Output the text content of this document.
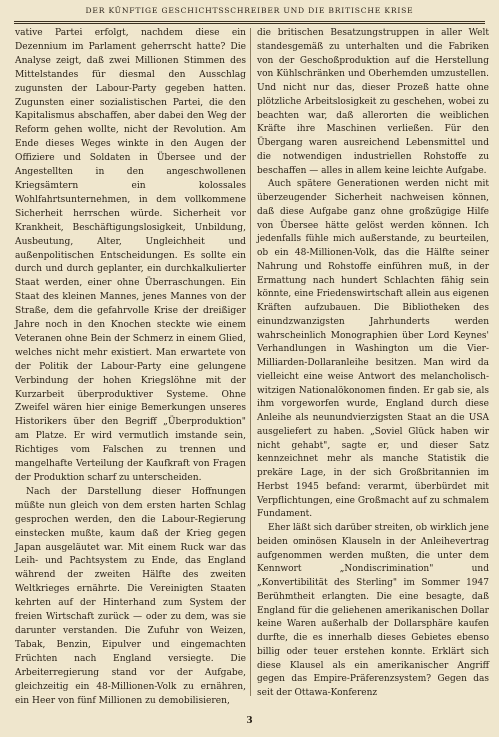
DER KÜNFTIGE GESCHICHTSSCHREIBER UND DIE BRITISCHE KRISE

vative Partei erfolgt, nachdem diese ein Dezennium im Parlament geherrscht hatte? Die Analyse zeigt, daß zwei Millionen Stimmen des Mittelstandes für diesmal den Ausschlag zugunsten der Labour-Party gegeben hatten. Zugunsten einer sozialistischen Partei, die den Kapitalismus abschaffen, aber dabei den Weg der Reform gehen wollte, nicht der Revolution. Am Ende dieses Weges winkte in den Augen der Offiziere und Soldaten in Übersee und der Angestellten in den angeschwollenen Kriegsämtern ein kolossales Wohlfahrtsunternehmen, in dem vollkommene Sicherheit herrschen würde. Sicherheit vor Krankheit, Beschäftigungslosigkeit, Unbildung, Ausbeutung, Alter, Ungleichheit und außenpolitischen Entscheidungen. Es sollte ein durch und durch geplanter, ein durchkalkulierter Staat werden, einer ohne Überraschungen. Ein Staat des kleinen Mannes, jenes Mannes von der Straße, dem die gefahrvolle Krise der dreißiger Jahre noch in den Knochen steckte wie einem Veteranen ohne Bein der Schmerz in einem Glied, welches nicht mehr existiert. Man erwartete von der Politik der Labour-Party eine gelungene Verbindung der hohen Kriegslöhne mit der Kurzarbeit überproduktiver Systeme. Ohne Zweifel wären hier einige Bemerkungen unseres Historikers über den Begriff „Überproduktion" am Platze. Er wird vermutlich imstande sein, Richtiges vom Falschen zu trennen und mangelhafte Verteilung der Kaufkraft von Fragen der Produktion scharf zu unterscheiden.

Nach der Darstellung dieser Hoffnungen müßte nun gleich von dem ersten harten Schlag gesprochen werden, den die Labour-Regierung einstecken mußte, kaum daß der Krieg gegen Japan ausgeläutet war. Mit einem Ruck war das Leih- und Pachtsystem zu Ende, das England während der zweiten Hälfte des zweiten Weltkrieges ernährte. Die Vereinigten Staaten kehrten auf der Hinterhand zum System der freien Wirtschaft zurück — oder zu dem, was sie darunter verstanden. Die Zufuhr von Weizen, Tabak, Benzin, Eipulver und eingemachten Früchten nach England versiegte. Die Arbeiterregierung stand vor der Aufgabe, gleichzeitig ein 48-Millionen-Volk zu ernähren, ein Heer von fünf Millionen zu demobilisieren,

die britischen Besatzungstruppen in aller Welt standesgemäß zu unterhalten und die Fabriken von der Geschoßproduktion auf die Herstellung von Kühlschränken und Oberhemden umzustellen. Und nicht nur das, dieser Prozeß hatte ohne plötzliche Arbeitslosigkeit zu geschehen, wobei zu beachten war, daß allerorten die weiblichen Kräfte ihre Maschinen verließen. Für den Übergang waren ausreichend Lebensmittel und die notwendigen industriellen Rohstoffe zu beschaffen — alles in allem keine leichte Aufgabe.

Auch spätere Generationen werden nicht mit überzeugender Sicherheit nachweisen können, daß diese Aufgabe ganz ohne großzügige Hilfe von Übersee hätte gelöst werden können. Ich jedenfalls fühle mich außerstande, zu beurteilen, ob ein 48-Millionen-Volk, das die Hälfte seiner Nahrung und Rohstoffe einführen muß, in der Ermattung nach hundert Schlachten fähig sein könnte, eine Friedenswirtschaft allein aus eigenen Kräften aufzubauen. Die Bibliotheken des einundzwanzigsten Jahrhunderts werden wahrscheinlich Monographien über Lord Keynes' Verhandlungen in Washington um die Vier-Milliarden-Dollaranleihe besitzen. Man wird da vielleicht eine weise Antwort des melancholisch-witzigen Nationalökonomen finden. Er gab sie, als ihm vorgeworfen wurde, England durch diese Anleihe als neunundvierzigsten Staat an die USA ausgeliefert zu haben. „Soviel Glück haben wir nicht gehabt", sagte er, und dieser Satz kennzeichnet mehr als manche Statistik die prekäre Lage, in der sich Großbritannien im Herbst 1945 befand: verarmt, überbürdet mit Verpflichtungen, eine Großmacht auf zu schmalem Fundament.

Eher läßt sich darüber streiten, ob wirklich jene beiden ominösen Klauseln in der Anleihevertrag aufgenommen werden mußten, die unter dem Kennwort „Nondiscrimination" und „Konvertibilität des Sterling" im Sommer 1947 Berühmtheit erlangten. Die eine besagte, daß England für die geliehenen amerikanischen Dollar keine Waren außerhalb der Dollarsphäre kaufen durfte, die es innerhalb dieses Gebietes ebenso billig oder teuer erstehen konnte. Erklärt sich diese Klausel als ein amerikanischer Angriff gegen das Empire-Präferenzsystem? Gegen das seit der Ottawa-Konferenz

3
